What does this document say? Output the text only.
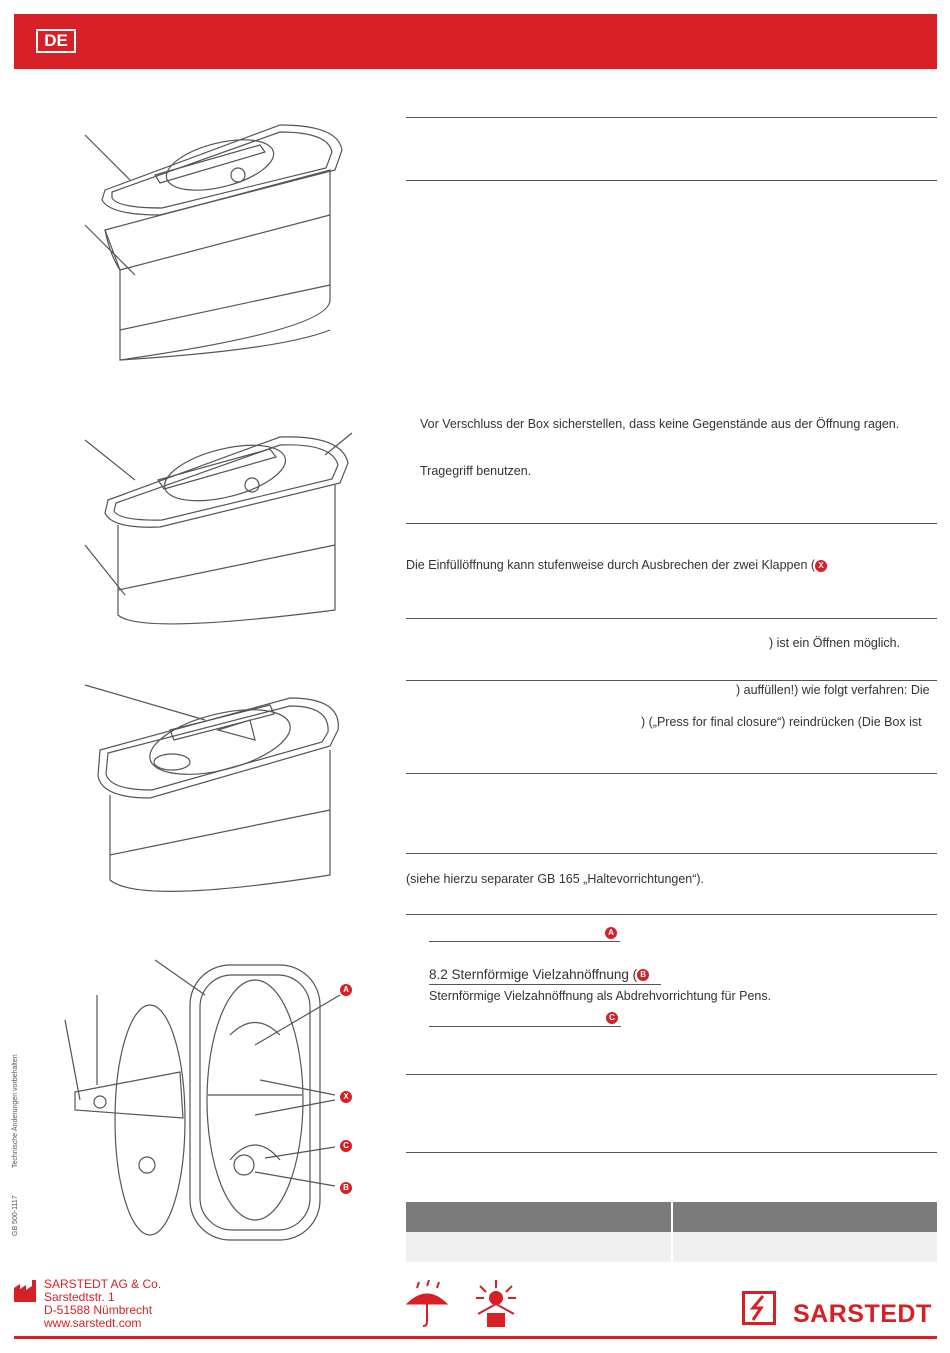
DE
Vor Verschluss der Box sicherstellen, dass keine Gegenstände aus der Öffnung ragen.
Tragegriff benutzen.
Die Einfüllöffnung kann stufenweise durch Ausbrechen der zwei Klappen ( X
) ist ein Öffnen möglich.
) auffüllen!) wie folgt verfahren: Die
) („Press for final closure“) reindrücken (Die Box ist
(siehe hierzu separater GB 165 „Haltevorrichtungen“).
A
8.2 Sternförmige Vielzahnöffnung ( B
Sternförmige Vielzahnöffnung als Abdrehvorrichtung für Pens.
C
A
X
C
B
GB 500-1117
Technische Änderungen vorbehalten
SARSTEDT AG & Co.
Sarstedtstr. 1
D-51588 Nümbrecht
www.sarstedt.com	SARSTEDT
